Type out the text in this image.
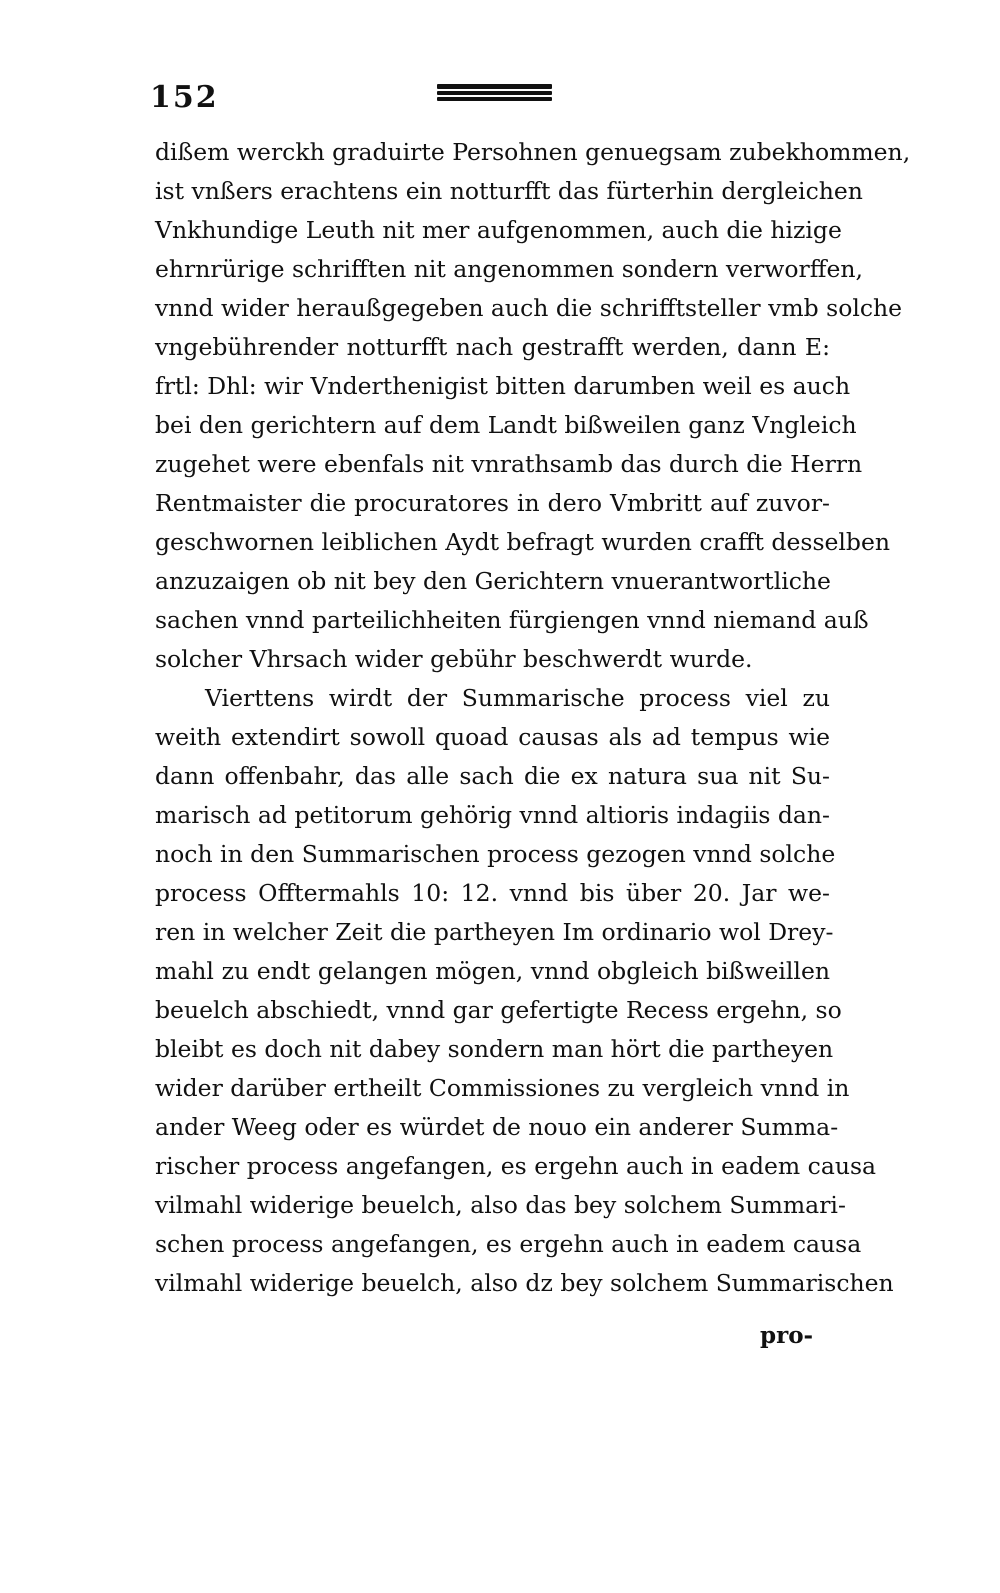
152
dißem werckh graduirte Persohnen genuegsam zubekhommen,
ist vnßers erachtens ein notturfft das fürterhin dergleichen
Vnkhundige Leuth nit mer aufgenommen, auch die hizige
ehrnrürige schrifften nit angenommen sondern verworffen,
vnnd wider heraußgegeben auch die schrifftsteller vmb solche
vngebührender notturfft nach gestrafft werden, dann E:
frtl: Dhl: wir Vnderthenigist bitten darumben weil es auch
bei den gerichtern auf dem Landt bißweilen ganz Vngleich
zugehet were ebenfals nit vnrathsamb das durch die Herrn
Rentmaister die procuratores in dero Vmbritt auf zuvor-
geschwornen leiblichen Aydt befragt wurden crafft desselben
anzuzaigen ob nit bey den Gerichtern vnuerantwortliche
sachen vnnd parteilichheiten fürgiengen vnnd niemand auß
solcher Vhrsach wider gebühr beschwerdt wurde.
Vierttens wirdt der Summarische process viel zu
weith extendirt sowoll quoad causas als ad tempus wie
dann offenbahr, das alle sach die ex natura sua nit Su-
marisch ad petitorum gehörig vnnd altioris indagiis dan-
noch in den Summarischen process gezogen vnnd solche
process Offtermahls 10: 12. vnnd bis über 20. Jar we-
ren in welcher Zeit die partheyen Im ordinario wol Drey-
mahl zu endt gelangen mögen, vnnd obgleich bißweillen
beuelch abschiedt, vnnd gar gefertigte Recess ergehn, so
bleibt es doch nit dabey sondern man hört die partheyen
wider darüber ertheilt Commissiones zu vergleich vnnd in
ander Weeg oder es würdet de nouo ein anderer Summa-
rischer process angefangen, es ergehn auch in eadem causa
vilmahl widerige beuelch, also das bey solchem Summari-
schen process angefangen, es ergehn auch in eadem causa
vilmahl widerige beuelch, also dz bey solchem Summarischen
pro-
